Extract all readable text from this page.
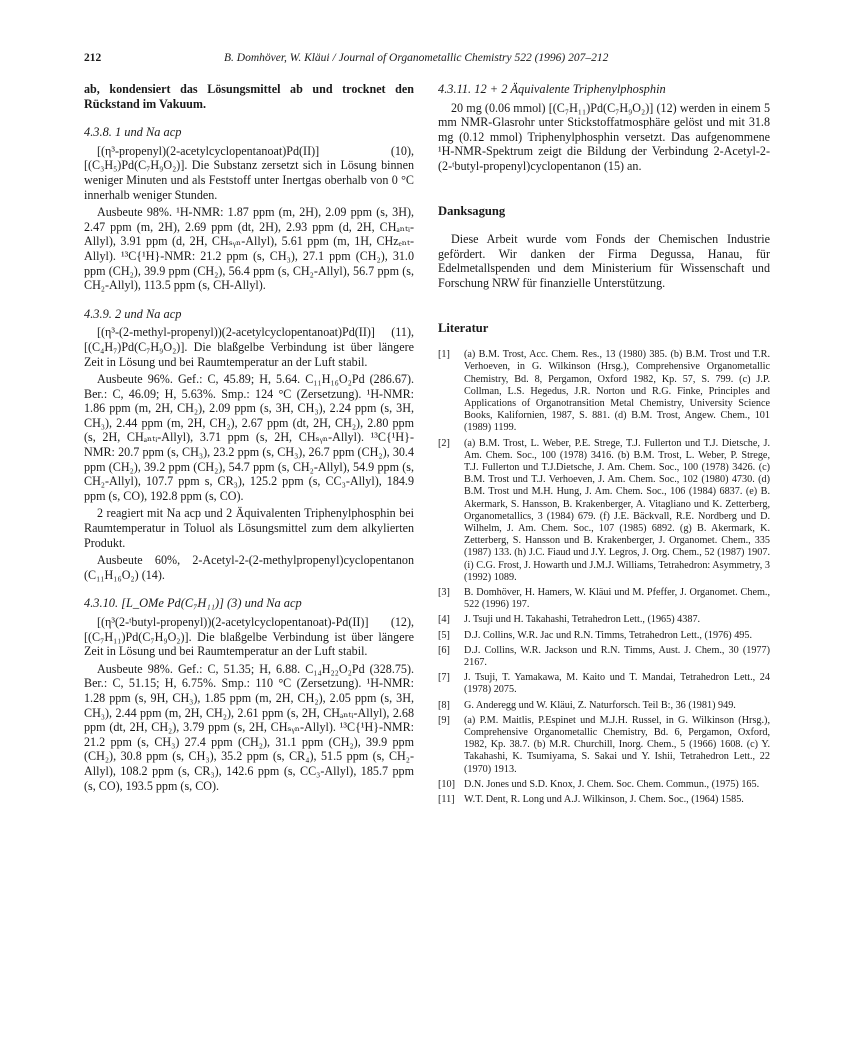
212	B. Domhöver, W. Kläui / Journal of Organometallic Chemistry 522 (1996) 207–212

ab, kondensiert das Lösungsmittel ab und trocknet den Rückstand im Vakuum.

4.3.8. 1 und Na acp

[(η³-propenyl)(2-acetylcyclopentanoat)Pd(II)] (10), [(C₃H₅)Pd(C₇H₉O₂)]. Die Substanz zersetzt sich in Lösung binnen weniger Minuten und als Feststoff unter Inertgas oberhalb von 0 °C innerhalb weniger Stunden.

Ausbeute 98%. ¹H-NMR: 1.87 ppm (m, 2H), 2.09 ppm (s, 3H), 2.47 ppm (m, 2H), 2.69 ppm (dt, 2H), 2.93 ppm (d, 2H, CHₐₙₜᵢ-Allyl), 3.91 ppm (d, 2H, CHₛᵧₙ-Allyl), 5.61 ppm (m, 1H, CHzₑₙₜ-Allyl). ¹³C{¹H}-NMR: 21.2 ppm (s, CH₃), 27.1 ppm (CH₂), 31.0 ppm (CH₂), 39.9 ppm (CH₂), 56.4 ppm (s, CH₂-Allyl), 56.7 ppm (s, CH₂-Allyl), 113.5 ppm (s, CH-Allyl).

4.3.9. 2 und Na acp

[(η³-(2-methyl-propenyl))(2-acetylcyclopentanoat)Pd(II)] (11), [(C₄H₇)Pd(C₇H₉O₂)]. Die blaßgelbe Verbindung ist über längere Zeit in Lösung und bei Raumtemperatur an der Luft stabil.

Ausbeute 96%. Gef.: C, 45.89; H, 5.64. C₁₁H₁₆O₂Pd (286.67). Ber.: C, 46.09; H, 5.63%. Smp.: 124 °C (Zersetzung). ¹H-NMR: 1.86 ppm (m, 2H, CH₂), 2.09 ppm (s, 3H, CH₃), 2.24 ppm (s, 3H, CH₃), 2.44 ppm (m, 2H, CH₂), 2.67 ppm (dt, 2H, CH₂), 2.80 ppm (s, 2H, CHₐₙₜᵢ-Allyl), 3.71 ppm (s, 2H, CHₛᵧₙ-Allyl). ¹³C{¹H}-NMR: 20.7 ppm (s, CH₃), 23.2 ppm (s, CH₃), 26.7 ppm (CH₂), 30.4 ppm (CH₂), 39.2 ppm (CH₂), 54.7 ppm (s, CH₂-Allyl), 54.9 ppm (s, CH₂-Allyl), 107.7 ppm s, CR₃), 125.2 ppm (s, CC₃-Allyl), 184.9 ppm (s, CO), 192.8 ppm (s, CO).

2 reagiert mit Na acp und 2 Äquivalenten Triphenylphosphin bei Raumtemperatur in Toluol als Lösungsmittel zum dem alkylierten Produkt.

Ausbeute 60%, 2-Acetyl-2-(2-methylpropenyl)cyclopentanon (C₁₁H₁₆O₂) (14).

4.3.10. [L_OMe Pd(C₇H₁₁)] (3) und Na acp

[(η³(2-ᵗbutyl-propenyl))(2-acetylcyclopentanoat)-Pd(II)] (12), [(C₇H₁₁)Pd(C₇H₉O₂)]. Die blaßgelbe Verbindung ist über längere Zeit in Lösung und bei Raumtemperatur an der Luft stabil.

Ausbeute 98%. Gef.: C, 51.35; H, 6.88. C₁₄H₂₂O₂Pd (328.75). Ber.: C, 51.15; H, 6.75%. Smp.: 110 °C (Zersetzung). ¹H-NMR: 1.28 ppm (s, 9H, CH₃), 1.85 ppm (m, 2H, CH₂), 2.05 ppm (s, 3H, CH₃), 2.44 ppm (m, 2H, CH₂), 2.61 ppm (s, 2H, CHₐₙₜᵢ-Allyl), 2.68 ppm (dt, 2H, CH₂), 3.79 ppm (s, 2H, CHₛᵧₙ-Allyl). ¹³C{¹H}-NMR: 21.2 ppm (s, CH₃) 27.4 ppm (CH₂), 31.1 ppm (CH₂), 39.9 ppm (CH₂), 30.8 ppm (s, CH₃), 35.2 ppm (s, CR₄), 51.5 ppm (s, CH₂-Allyl), 108.2 ppm (s, CR₃), 142.6 ppm (s, CC₃-Allyl), 185.7 ppm (s, CO), 193.5 ppm (s, CO).

4.3.11. 12 + 2 Äquivalente Triphenylphosphin

20 mg (0.06 mmol) [(C₇H₁₁)Pd(C₇H₉O₂)] (12) werden in einem 5 mm NMR-Glasrohr unter Stickstoffatmosphäre gelöst und mit 31.8 mg (0.12 mmol) Triphenylphosphin versetzt. Das aufgenommene ¹H-NMR-Spektrum zeigt die Bildung der Verbindung 2-Acetyl-2-(2-ᵗbutyl-propenyl)cyclopentanon (15) an.

Danksagung

Diese Arbeit wurde vom Fonds der Chemischen Industrie gefördert. Wir danken der Firma Degussa, Hanau, für Edelmetallspenden und dem Ministerium für Wissenschaft und Forschung NRW für finanzielle Unterstützung.

Literatur
[1] (a) B.M. Trost, Acc. Chem. Res., 13 (1980) 385. (b) B.M. Trost und T.R. Verhoeven, in G. Wilkinson (Hrsg.), Comprehensive Organometallic Chemistry, Bd. 8, Pergamon, Oxford 1982, Kp. 57, S. 799. (c) J.P. Collman, L.S. Hegedus, J.R. Norton und R.G. Finke, Principles and Applications of Organotransition Metal Chemistry, University Science Books, Kalifornien, 1987, S. 881. (d) B.M. Trost, Angew. Chem., 101 (1989) 1199.
[2] (a) B.M. Trost, L. Weber, P.E. Strege, T.J. Fullerton und T.J. Dietsche, J. Am. Chem. Soc., 100 (1978) 3416. (b) B.M. Trost, L. Weber, P. Strege, T.J. Fullerton und T.J.Dietsche, J. Am. Chem. Soc., 100 (1978) 3426. (c) B.M. Trost und T.J. Verhoeven, J. Am. Chem. Soc., 102 (1980) 4730. (d) B.M. Trost und M.H. Hung, J. Am. Chem. Soc., 106 (1984) 6837. (e) B. Akermark, S. Hansson, B. Krakenberger, A. Vitagliano und K. Zetterberg, Organometallics, 3 (1984) 679. (f) J.E. Bäckvall, R.E. Nordberg und D. Wilhelm, J. Am. Chem. Soc., 107 (1985) 6892. (g) B. Akermark, K. Zetterberg, S. Hansson und B. Krakenberger, J. Organomet. Chem., 335 (1987) 133. (h) J.C. Fiaud und J.Y. Legros, J. Org. Chem., 52 (1987) 1907. (i) C.G. Frost, J. Howarth und J.M.J. Williams, Tetrahedron: Asymmetry, 3 (1992) 1089.
[3] B. Domhöver, H. Hamers, W. Kläui und M. Pfeffer, J. Organomet. Chem., 522 (1996) 197.
[4] J. Tsuji und H. Takahashi, Tetrahedron Lett., (1965) 4387.
[5] D.J. Collins, W.R. Jac und R.N. Timms, Tetrahedron Lett., (1976) 495.
[6] D.J. Collins, W.R. Jackson und R.N. Timms, Aust. J. Chem., 30 (1977) 2167.
[7] J. Tsuji, T. Yamakawa, M. Kaito und T. Mandai, Tetrahedron Lett., 24 (1978) 2075.
[8] G. Anderegg und W. Kläui, Z. Naturforsch. Teil B:, 36 (1981) 949.
[9] (a) P.M. Maitlis, P.Espinet und M.J.H. Russel, in G. Wilkinson (Hrsg.), Comprehensive Organometallic Chemistry, Bd. 6, Pergamon, Oxford, 1982, Kp. 38.7. (b) M.R. Churchill, Inorg. Chem., 5 (1966) 1608. (c) Y. Takahashi, K. Tsumiyama, S. Sakai und Y. Ishii, Tetrahedron Lett., 22 (1970) 1913.
[10] D.N. Jones und S.D. Knox, J. Chem. Soc. Chem. Commun., (1975) 165.
[11] W.T. Dent, R. Long und A.J. Wilkinson, J. Chem. Soc., (1964) 1585.
